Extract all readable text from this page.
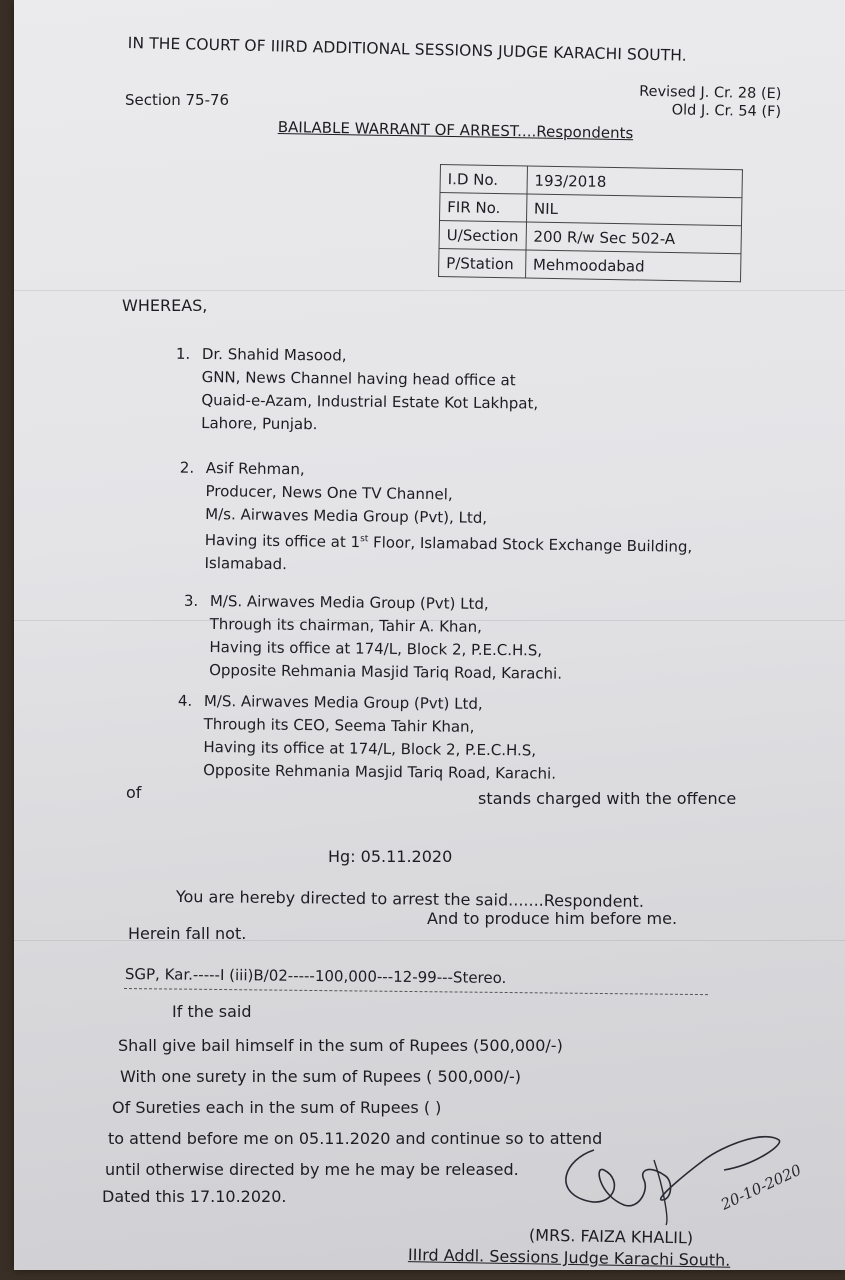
IN THE COURT OF IIIRD ADDITIONAL SESSIONS JUDGE KARACHI SOUTH.
Revised J. Cr. 28 (E)
Old J. Cr. 54 (F)
Section 75-76
BAILABLE WARRANT OF ARREST....Respondents
I.D No.	193/2018
FIR No.	NIL
U/Section	200 R/w Sec 502-A
P/Station	Mehmoodabad
WHEREAS,
1. Dr. Shahid Masood,
GNN, News Channel having head office at
Quaid-e-Azam, Industrial Estate Kot Lakhpat,
Lahore, Punjab.
2. Asif Rehman,
Producer, News One TV Channel,
M/s. Airwaves Media Group (Pvt), Ltd,
Having its office at 1st Floor, Islamabad Stock Exchange Building,
Islamabad.
3. M/S. Airwaves Media Group (Pvt) Ltd,
Through its chairman, Tahir A. Khan,
Having its office at 174/L, Block 2, P.E.C.H.S,
Opposite Rehmania Masjid Tariq Road, Karachi.
4. M/S. Airwaves Media Group (Pvt) Ltd,
Through its CEO, Seema Tahir Khan,
Having its office at 174/L, Block 2, P.E.C.H.S,
Opposite Rehmania Masjid Tariq Road, Karachi.
of	stands charged with the offence
Hg: 05.11.2020
You are hereby directed to arrest the said.......Respondent.
And to produce him before me.
Herein fall not.
SGP, Kar.-----I (iii)B/02-----100,000---12-99---Stereo.
If the said
Shall give bail himself in the sum of Rupees (500,000/-)
With one surety in the sum of Rupees ( 500,000/-)
Of Sureties each in the sum of Rupees ( )
to attend before me on 05.11.2020 and continue so to attend
until otherwise directed by me he may be released.
Dated this 17.10.2020.	20-10-2020
(MRS. FAIZA KHALIL)
IIIrd Addl. Sessions Judge Karachi South.
